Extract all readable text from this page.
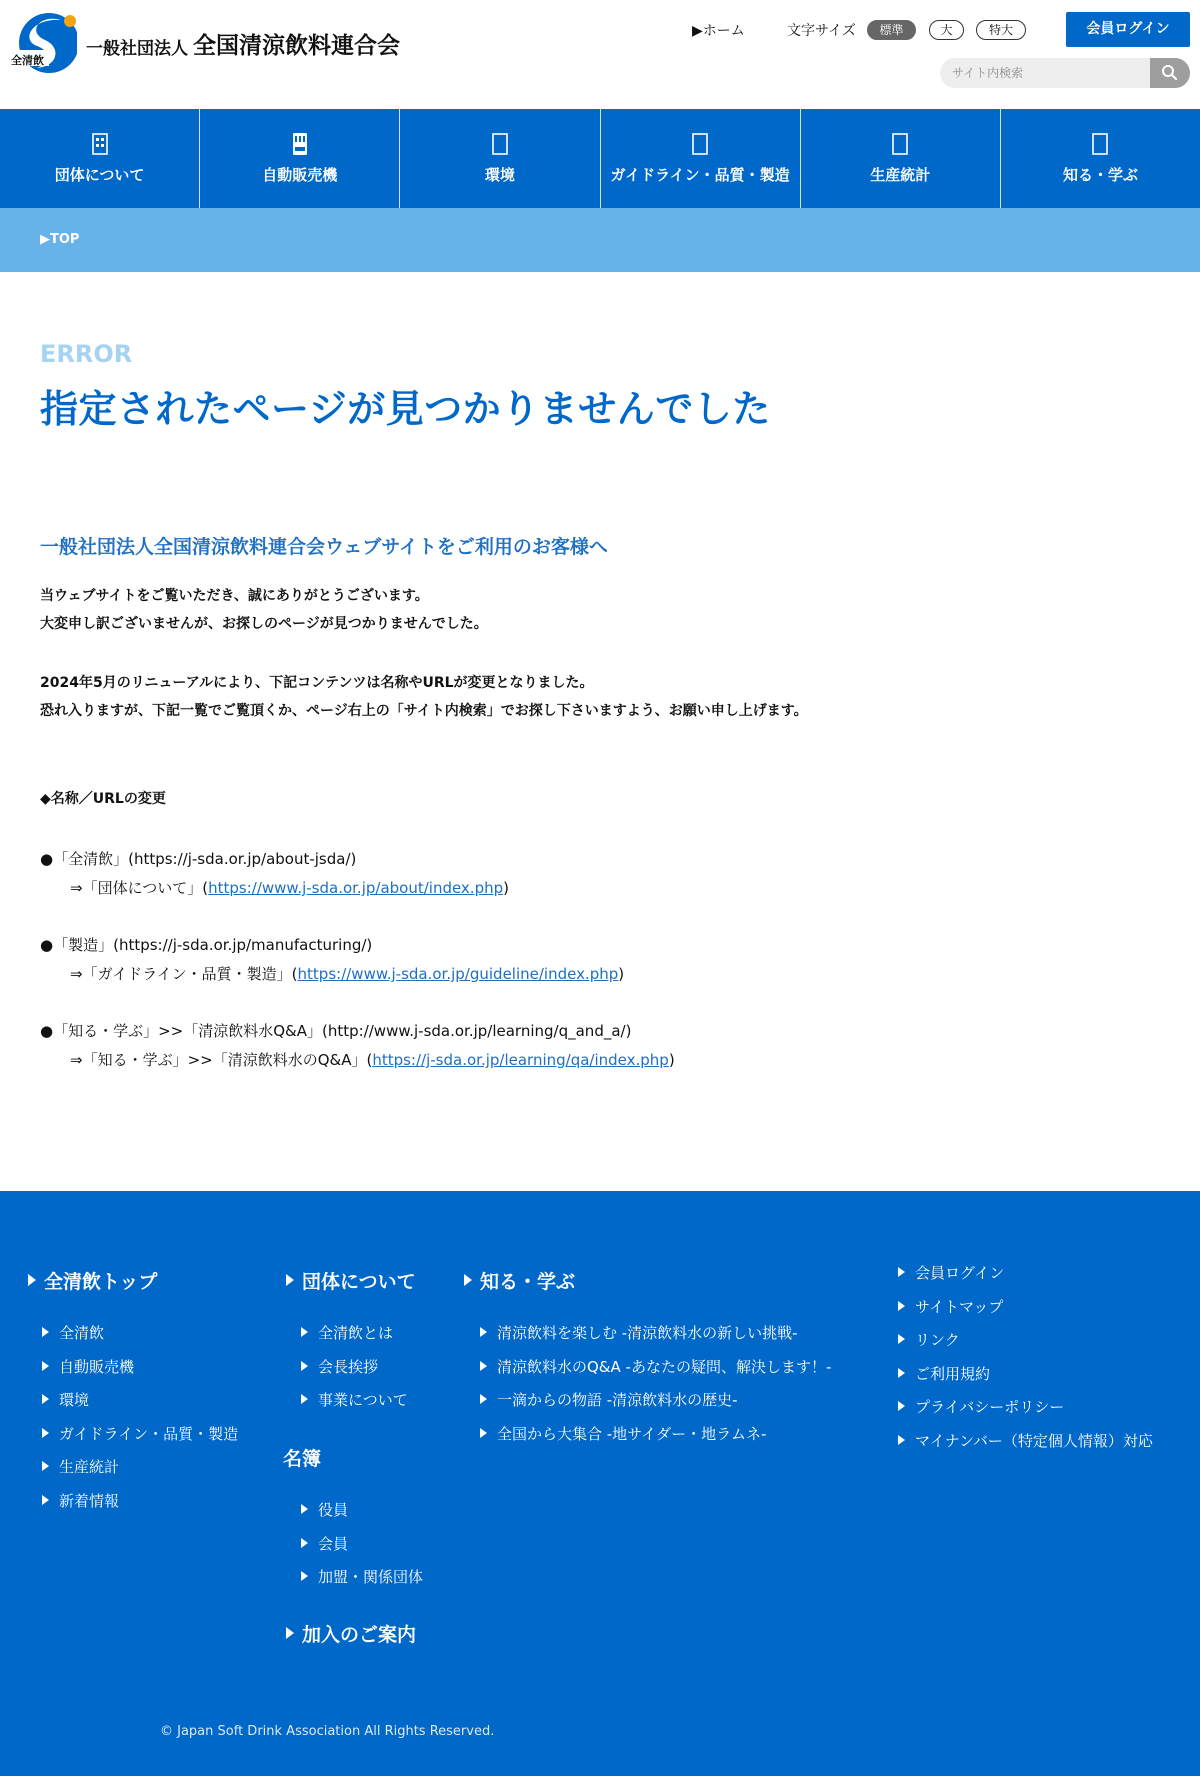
全清飲
一般社団法人 全国清涼飲料連合会
▶ホーム	文字サイズ	標準	大	特大	会員ログイン
サイト内検索
団体について	自動販売機	環境	ガイドライン・品質・製造	生産統計	知る・学ぶ
▶TOP
ERROR
指定されたページが見つかりませんでした
一般社団法人全国清涼飲料連合会ウェブサイトをご利用のお客様へ
当ウェブサイトをご覧いただき、誠にありがとうございます。
大変申し訳ございませんが、お探しのページが見つかりませんでした。
2024年5月のリニューアルにより、下記コンテンツは名称やURLが変更となりました。
恐れ入りますが、下記一覧でご覧頂くか、ページ右上の「サイト内検索」でお探し下さいますよう、お願い申し上げます。
◆名称／URLの変更
●「全清飲」(https://j-sda.or.jp/about-jsda/)
⇒「団体について」(https://www.j-sda.or.jp/about/index.php)
●「製造」(https://j-sda.or.jp/manufacturing/)
⇒「ガイドライン・品質・製造」(https://www.j-sda.or.jp/guideline/index.php)
●「知る・学ぶ」>>「清涼飲料水Q&A」(http://www.j-sda.or.jp/learning/q_and_a/)
⇒「知る・学ぶ」>>「清涼飲料水のQ&A」(https://j-sda.or.jp/learning/qa/index.php)
全清飲トップ
全清飲
自動販売機
環境
ガイドライン・品質・製造
生産統計
新着情報
団体について
全清飲とは
会長挨拶
事業について
名簿
役員
会員
加盟・関係団体
加入のご案内
知る・学ぶ
清涼飲料を楽しむ -清涼飲料水の新しい挑戦-
清涼飲料水のQ&A -あなたの疑問、解決します！-
一滴からの物語 -清涼飲料水の歴史-
全国から大集合 -地サイダー・地ラムネ-
会員ログイン
サイトマップ
リンク
ご利用規約
プライバシーポリシー
マイナンバー（特定個人情報）対応
© Japan Soft Drink Association All Rights Reserved.
